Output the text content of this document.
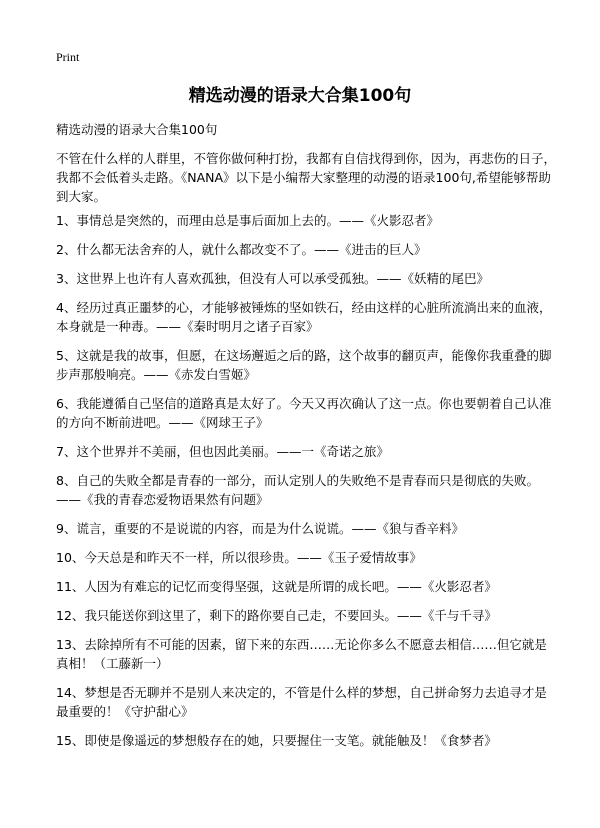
Print
精选动漫的语录大合集100句

精选动漫的语录大合集100句

不管在什么样的人群里，不管你做何种打扮，我都有自信找得到你，因为，再悲伤的日子，我都不会低着头走路。《NANA》以下是小编帮大家整理的动漫的语录100句,希望能够帮助到大家。

1、事情总是突然的，而理由总是事后面加上去的。——《火影忍者》
2、什么都无法舍弃的人，就什么都改变不了。——《进击的巨人》
3、这世界上也许有人喜欢孤独，但没有人可以承受孤独。——《妖精的尾巴》
4、经历过真正噩梦的心，才能够被锤炼的坚如铁石，经由这样的心脏所流淌出来的血液，本身就是一种毒。——《秦时明月之诸子百家》
5、这就是我的故事，但愿，在这场邂逅之后的路，这个故事的翻页声，能像你我重叠的脚步声那般响亮。——《赤发白雪姬》
6、我能遵循自己坚信的道路真是太好了。今天又再次确认了这一点。你也要朝着自己认准的方向不断前进吧。——《网球王子》
7、这个世界并不美丽，但也因此美丽。——一《奇诺之旅》
8、自己的失败全都是青春的一部分，而认定别人的失败绝不是青春而只是彻底的失败。——《我的青春恋爱物语果然有问题》
9、谎言，重要的不是说谎的内容，而是为什么说谎。——《狼与香辛料》
10、今天总是和昨天不一样，所以很珍贵。——《玉子爱情故事》
11、人因为有难忘的记忆而变得坚强，这就是所谓的成长吧。——《火影忍者》
12、我只能送你到这里了，剩下的路你要自己走，不要回头。——《千与千寻》
13、去除掉所有不可能的因素，留下来的东西……无论你多么不愿意去相信……但它就是真相！（工藤新一）
14、梦想是否无聊并不是别人来决定的，不管是什么样的梦想，自己拼命努力去追寻才是最重要的！《守护甜心》
15、即使是像遥远的梦想般存在的她，只要握住一支笔。就能触及！《食梦者》
